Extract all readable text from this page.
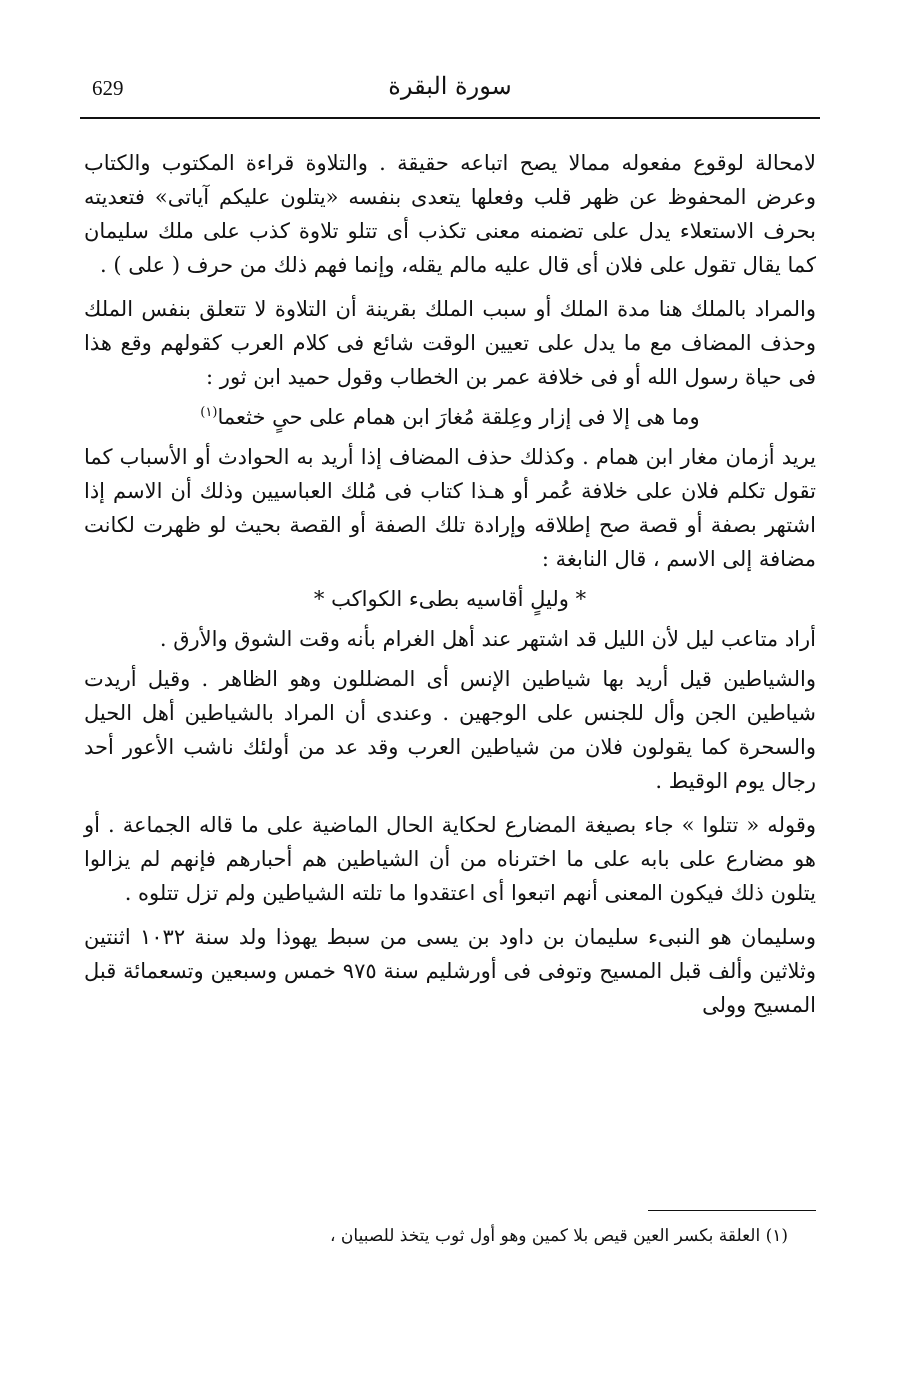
629	سورة البقرة

لامحالة لوقوع مفعوله ممالا يصح اتباعه حقيقة . والتلاوة قراءة المكتوب والكتاب وعرض المحفوظ عن ظهر قلب وفعلها يتعدى بنفسه «يتلون عليكم آياتى» فتعديته بحرف الاستعلاء يدل على تضمنه معنى تكذب أى تتلو تلاوة كذب على ملك سليمان كما يقال تقول على فلان أى قال عليه مالم يقله، وإنما فهم ذلك من حرف ( على ) .

والمراد بالملك هنا مدة الملك أو سبب الملك بقرينة أن التلاوة لا تتعلق بنفس الملك وحذف المضاف مع ما يدل على تعيين الوقت شائع فى كلام العرب كقولهم وقع هذا فى حياة رسول الله أو فى خلافة عمر بن الخطاب وقول حميد ابن ثور :

وما هى إلا فى إزار وعِلقة مُغارَ ابن همام على حىٍ خثعما$^{(١)}$

يريد أزمان مغار ابن همام . وكذلك حذف المضاف إذا أريد به الحوادث أو الأسباب كما تقول تكلم فلان على خلافة عُمر أو هـذا كتاب فى مُلك العباسيين وذلك أن الاسم إذا اشتهر بصفة أو قصة صح إطلاقه وإرادة تلك الصفة أو القصة بحيث لو ظهرت لكانت مضافة إلى الاسم ، قال النابغة :

* وليلٍ أقاسيه بطىء الكواكب *

أراد متاعب ليل لأن الليل قد اشتهر عند أهل الغرام بأنه وقت الشوق والأرق .

والشياطين قيل أريد بها شياطين الإنس أى المضللون وهو الظاهر . وقيل أريدت شياطين الجن وأل للجنس على الوجهين . وعندى أن المراد بالشياطين أهل الحيل والسحرة كما يقولون فلان من شياطين العرب وقد عد من أولئك ناشب الأعور أحد رجال يوم الوقيط .

وقوله « تتلوا » جاء بصيغة المضارع لحكاية الحال الماضية على ما قاله الجماعة . أو هو مضارع على بابه على ما اخترناه من أن الشياطين هم أحبارهم فإنهم لم يزالوا يتلون ذلك فيكون المعنى أنهم اتبعوا أى اعتقدوا ما تلته الشياطين ولم تزل تتلوه .

وسليمان هو النبىء سليمان بن داود بن يسى من سبط يهوذا ولد سنة ١٠٣٢ اثنتين وثلاثين وألف قبل المسيح وتوفى فى أورشليم سنة ٩٧٥ خمس وسبعين وتسعمائة قبل المسيح وولى

(١) العلقة بكسر العين قيص بلا كمين وهو أول ثوب يتخذ للصبيان ،
